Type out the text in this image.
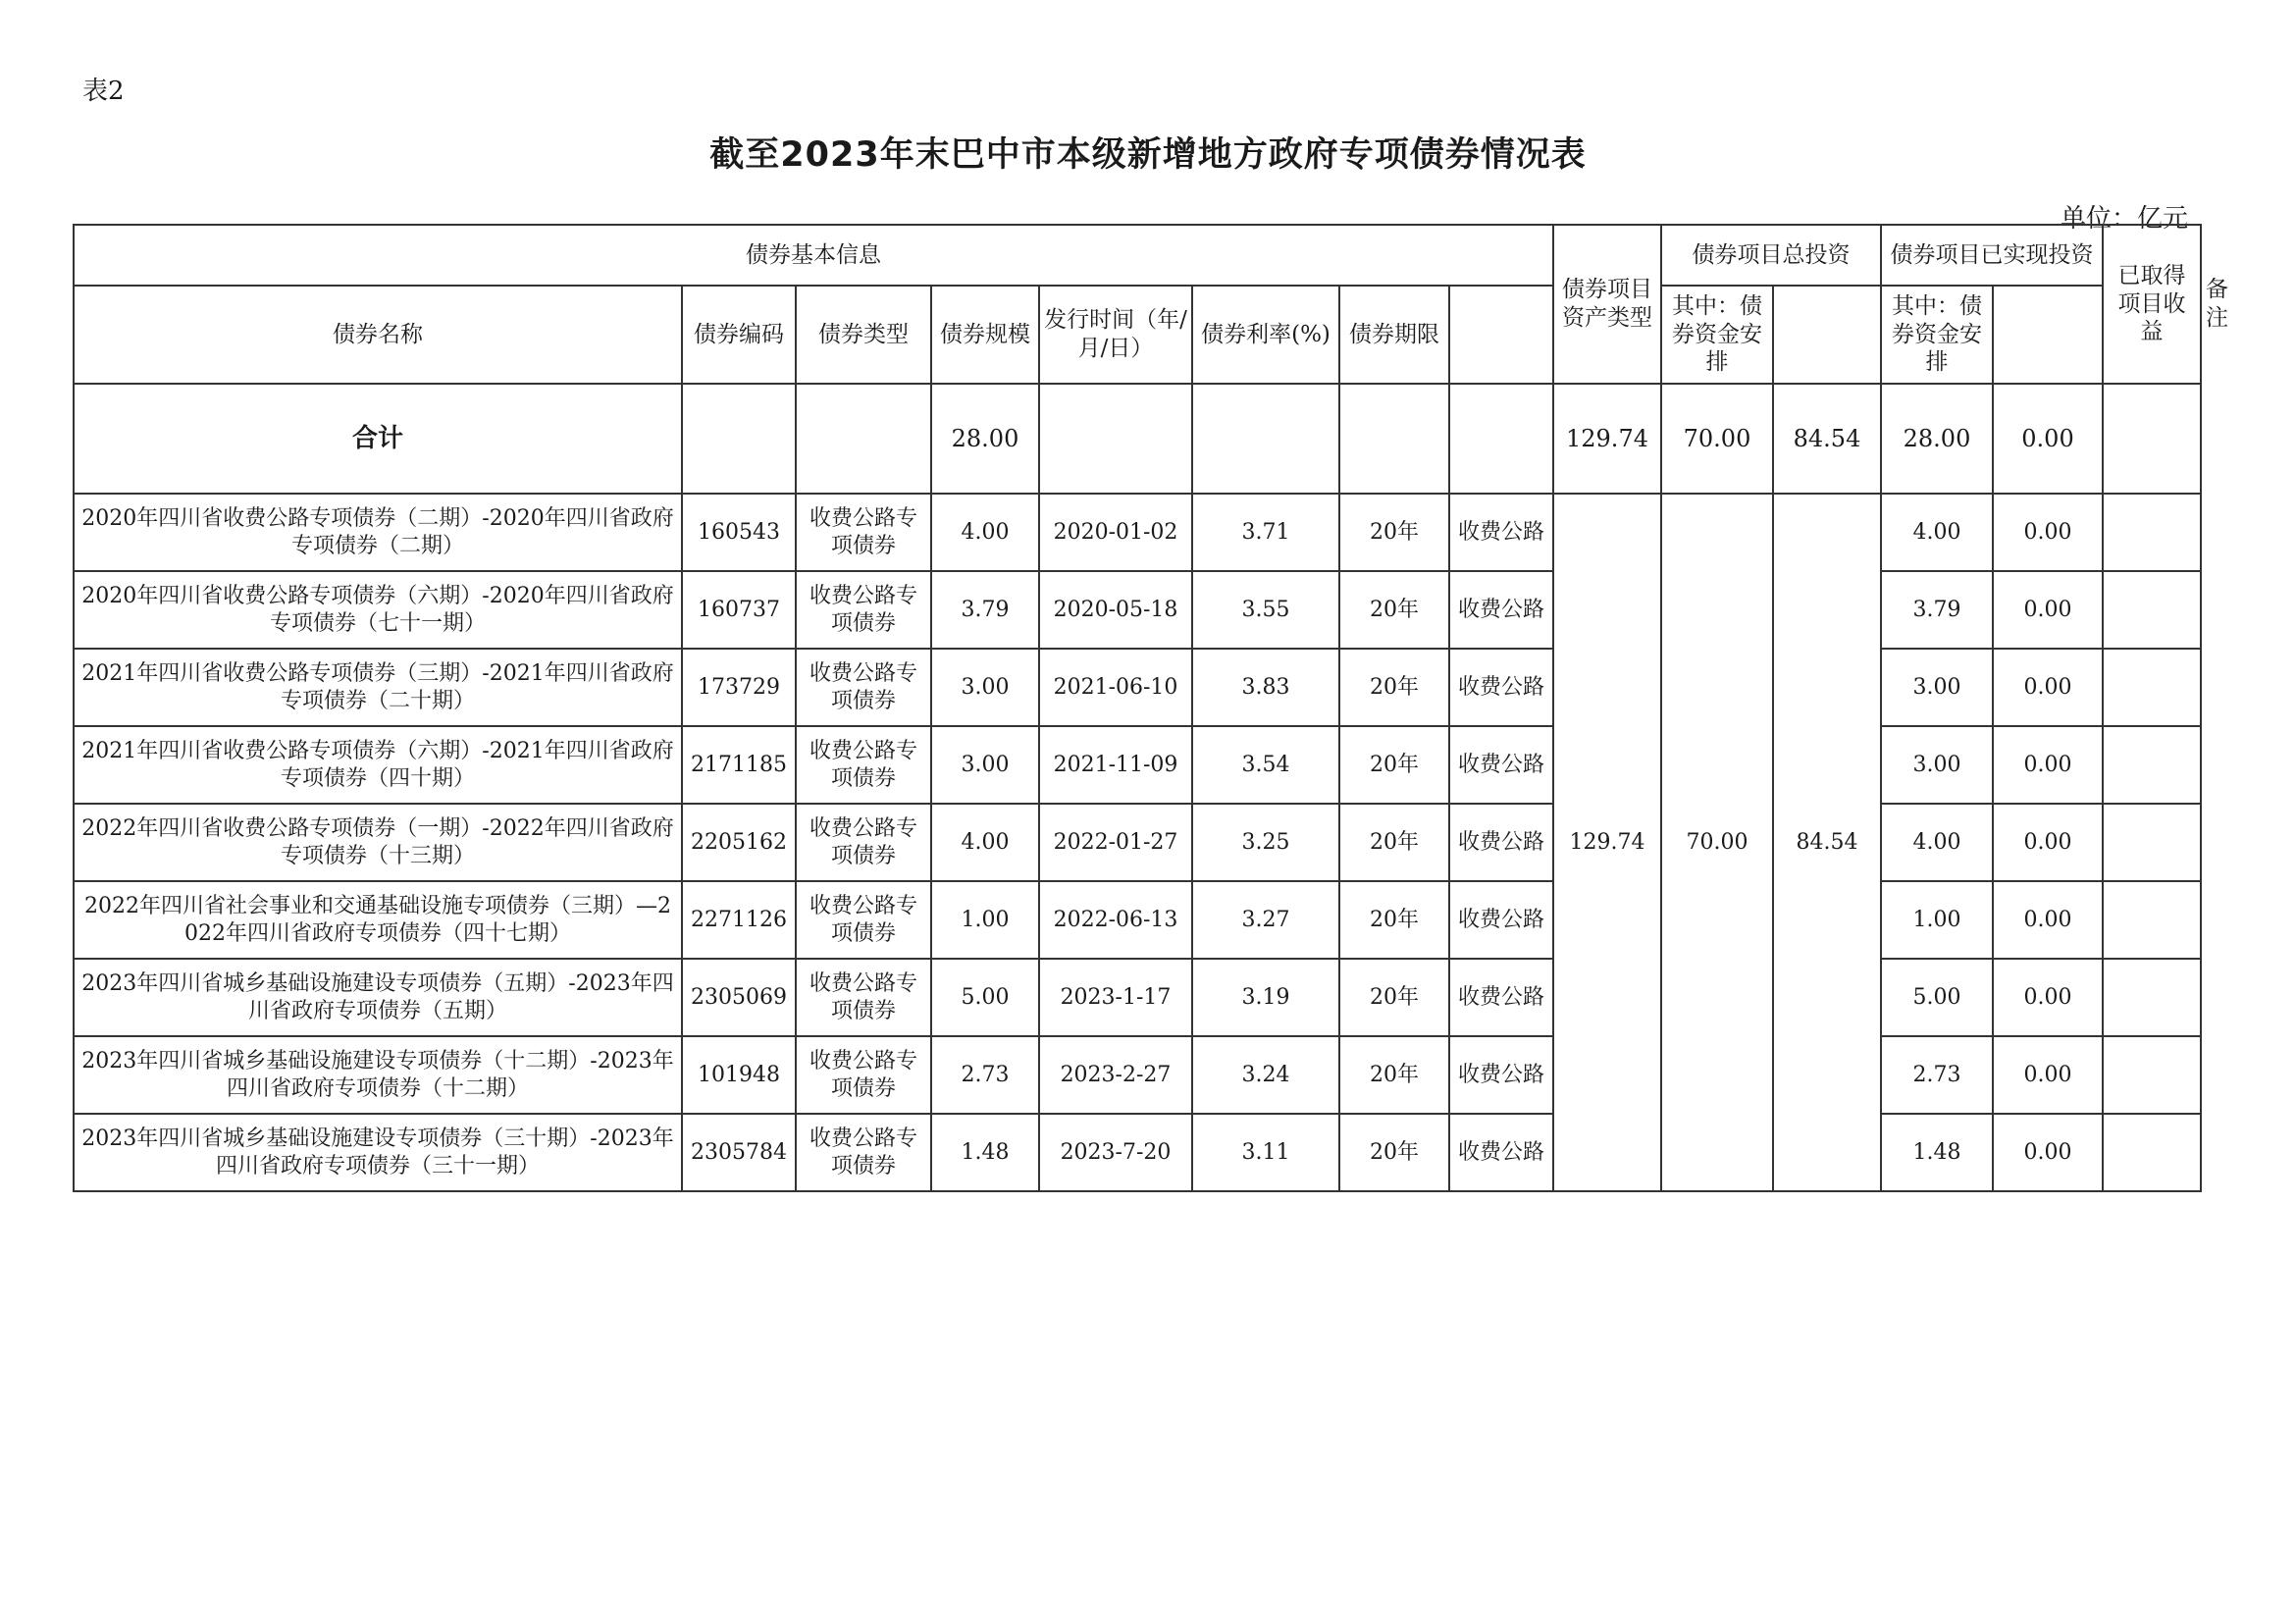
表2
截至2023年末巴中市本级新增地方政府专项债券情况表
单位：亿元
债券基本信息								债券项目资产类型	债券项目总投资		债券项目已实现投资		已取得项目收益	备注
债券名称	债券编码	债券类型	债券规模	发行时间（年/月/日）	债券利率(%)	债券期限			其中：债券资金安排		其中：债券资金安排			
合计			28.00					129.74	70.00	84.54	28.00	0.00		
2020年四川省收费公路专项债券（二期）-2020年四川省政府专项债券（二期）	160543	收费公路专项债券	4.00	2020-01-02	3.71	20年	收费公路	129.74	70.00	84.54	4.00	0.00		
2020年四川省收费公路专项债券（六期）-2020年四川省政府专项债券（七十一期）	160737	收费公路专项债券	3.79	2020-05-18	3.55	20年	收费公路				3.79	0.00		
2021年四川省收费公路专项债券（三期）-2021年四川省政府专项债券（二十期）	173729	收费公路专项债券	3.00	2021-06-10	3.83	20年	收费公路				3.00	0.00		
2021年四川省收费公路专项债券（六期）-2021年四川省政府专项债券（四十期）	2171185	收费公路专项债券	3.00	2021-11-09	3.54	20年	收费公路				3.00	0.00		
2022年四川省收费公路专项债券（一期）-2022年四川省政府专项债券（十三期）	2205162	收费公路专项债券	4.00	2022-01-27	3.25	20年	收费公路				4.00	0.00		
2022年四川省社会事业和交通基础设施专项债券（三期）—2022年四川省政府专项债券（四十七期）	2271126	收费公路专项债券	1.00	2022-06-13	3.27	20年	收费公路				1.00	0.00		
2023年四川省城乡基础设施建设专项债券（五期）-2023年四川省政府专项债券（五期）	2305069	收费公路专项债券	5.00	2023-1-17	3.19	20年	收费公路				5.00	0.00		
2023年四川省城乡基础设施建设专项债券（十二期）-2023年四川省政府专项债券（十二期）	101948	收费公路专项债券	2.73	2023-2-27	3.24	20年	收费公路				2.73	0.00		
2023年四川省城乡基础设施建设专项债券（三十期）-2023年四川省政府专项债券（三十一期）	2305784	收费公路专项债券	1.48	2023-7-20	3.11	20年	收费公路				1.48	0.00		
